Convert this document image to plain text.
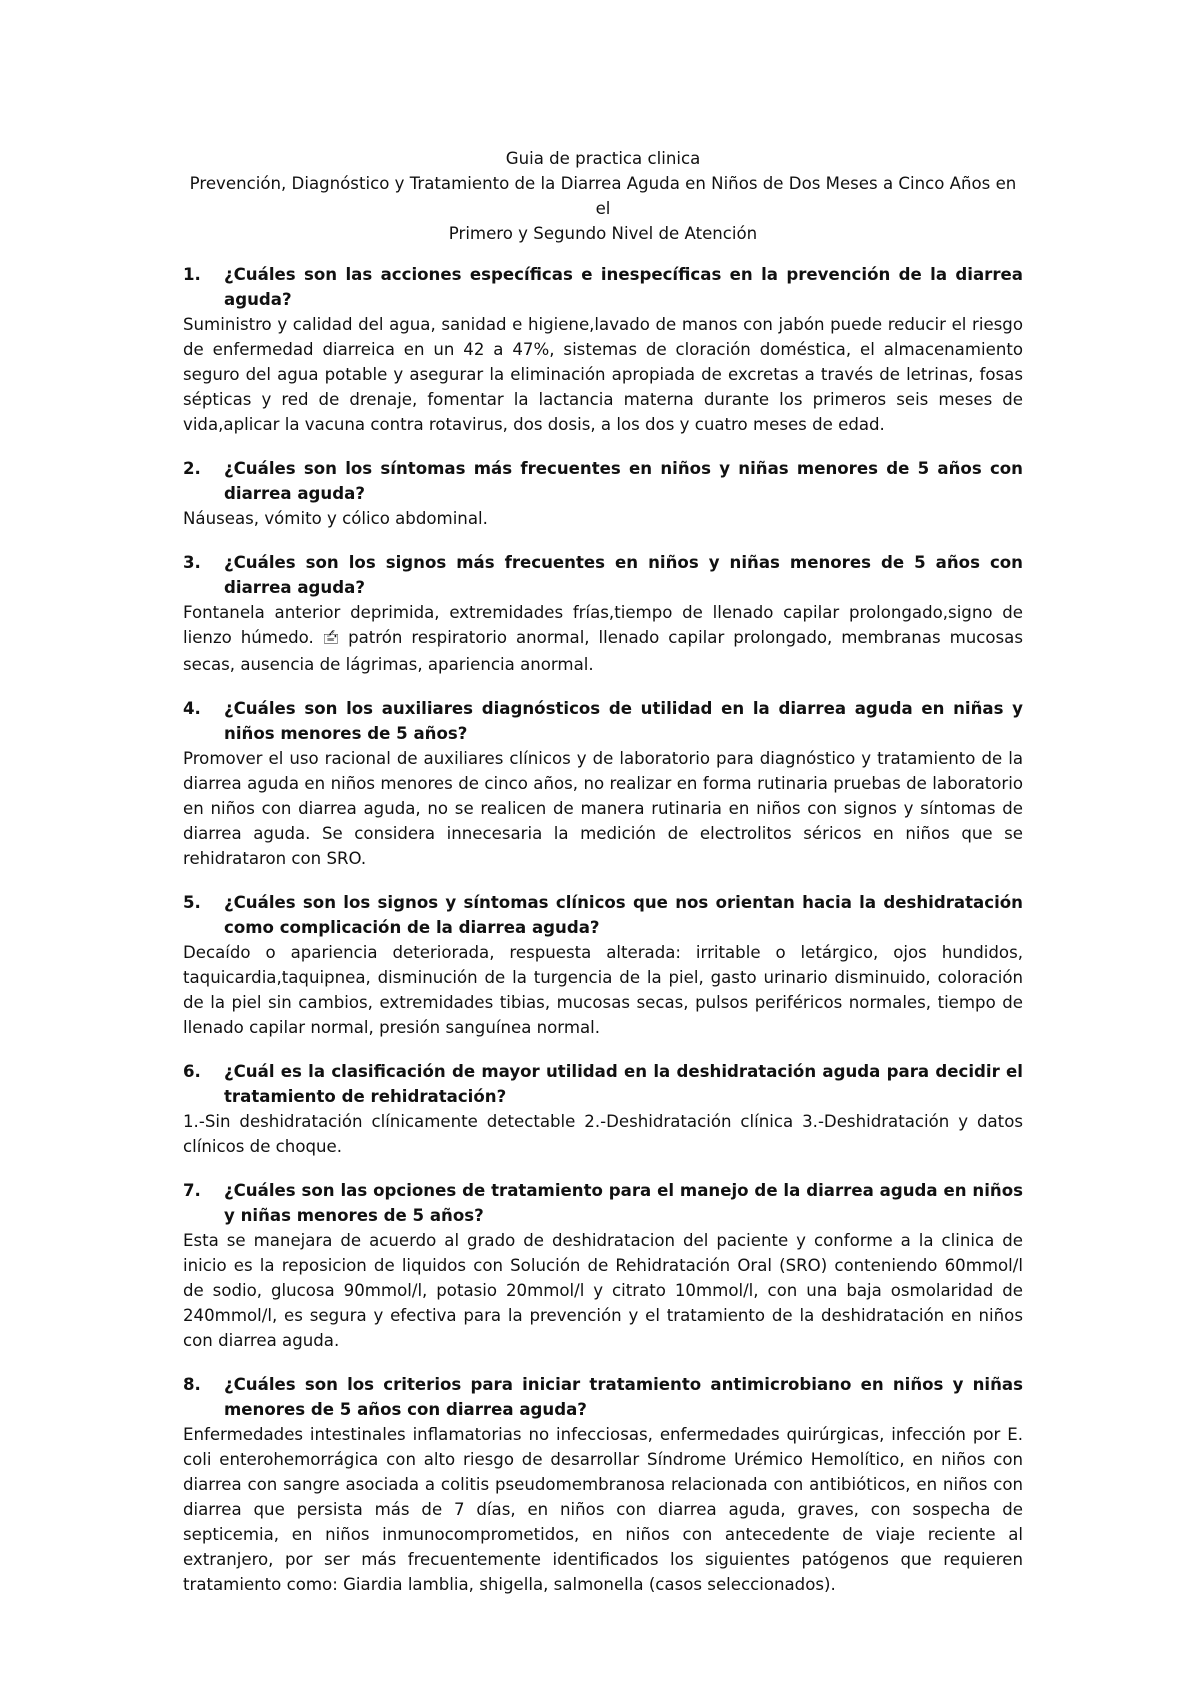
Guia de practica clinica
Prevención, Diagnóstico y Tratamiento de la Diarrea Aguda en Niños de Dos Meses a Cinco Años en el
Primero y Segundo Nivel de Atención
1.	¿Cuáles son las acciones específicas e inespecíficas en la prevención de la diarrea aguda?

Suministro y calidad del agua, sanidad e higiene,lavado de manos con jabón puede reducir el riesgo de enfermedad diarreica en un 42 a 47%, sistemas de cloración doméstica, el almacenamiento seguro del agua potable y asegurar la eliminación apropiada de excretas a través de letrinas, fosas sépticas y red de drenaje, fomentar la lactancia materna durante los primeros seis meses de vida,aplicar la vacuna contra rotavirus, dos dosis, a los dos y cuatro meses de edad.

2.	¿Cuáles son los síntomas más frecuentes en niños y niñas menores de 5 años con diarrea aguda?

Náuseas, vómito y cólico abdominal.

3.	¿Cuáles son los signos más frecuentes en niños y niñas menores de 5 años con diarrea aguda?

Fontanela anterior deprimida, extremidades frías,tiempo de llenado capilar prolongado,signo de lienzo húmedo. 🖆 patrón respiratorio anormal, llenado capilar prolongado, membranas mucosas secas, ausencia de lágrimas, apariencia anormal.

4.	¿Cuáles son los auxiliares diagnósticos de utilidad en la diarrea aguda en niñas y niños menores de 5 años?

Promover el uso racional de auxiliares clínicos y de laboratorio para diagnóstico y tratamiento de la diarrea aguda en niños menores de cinco años, no realizar en forma rutinaria pruebas de laboratorio en niños con diarrea aguda, no se realicen de manera rutinaria en niños con signos y síntomas de diarrea aguda. Se considera innecesaria la medición de electrolitos séricos en niños que se rehidrataron con SRO.

5.	¿Cuáles son los signos y síntomas clínicos que nos orientan hacia la deshidratación como complicación de la diarrea aguda?

Decaído o apariencia deteriorada, respuesta alterada: irritable o letárgico, ojos hundidos, taquicardia,taquipnea, disminución de la turgencia de la piel, gasto urinario disminuido, coloración de la piel sin cambios, extremidades tibias, mucosas secas, pulsos periféricos normales, tiempo de llenado capilar normal, presión sanguínea normal.

6.	¿Cuál es la clasificación de mayor utilidad en la deshidratación aguda para decidir el tratamiento de rehidratación?

1.-Sin deshidratación clínicamente detectable 2.-Deshidratación clínica 3.-Deshidratación y datos clínicos de choque.

7.	¿Cuáles son las opciones de tratamiento para el manejo de la diarrea aguda en niños y niñas menores de 5 años?

Esta se manejara de acuerdo al grado de deshidratacion del paciente y conforme a la clinica de inicio es la reposicion de liquidos con Solución de Rehidratación Oral (SRO) conteniendo 60mmol/l de sodio, glucosa 90mmol/l, potasio 20mmol/l y citrato 10mmol/l, con una baja osmolaridad de 240mmol/l, es segura y efectiva para la prevención y el tratamiento de la deshidratación en niños con diarrea aguda.

8.	¿Cuáles son los criterios para iniciar tratamiento antimicrobiano en niños y niñas menores de 5 años con diarrea aguda?

Enfermedades intestinales inflamatorias no infecciosas, enfermedades quirúrgicas, infección por E. coli enterohemorrágica con alto riesgo de desarrollar Síndrome Urémico Hemolítico, en niños con diarrea con sangre asociada a colitis pseudomembranosa relacionada con antibióticos, en niños con diarrea que persista más de 7 días, en niños con diarrea aguda, graves, con sospecha de septicemia, en niños inmunocomprometidos, en niños con antecedente de viaje reciente al extranjero, por ser más frecuentemente identificados los siguientes patógenos que requieren tratamiento como: Giardia lamblia, shigella, salmonella (casos seleccionados).
